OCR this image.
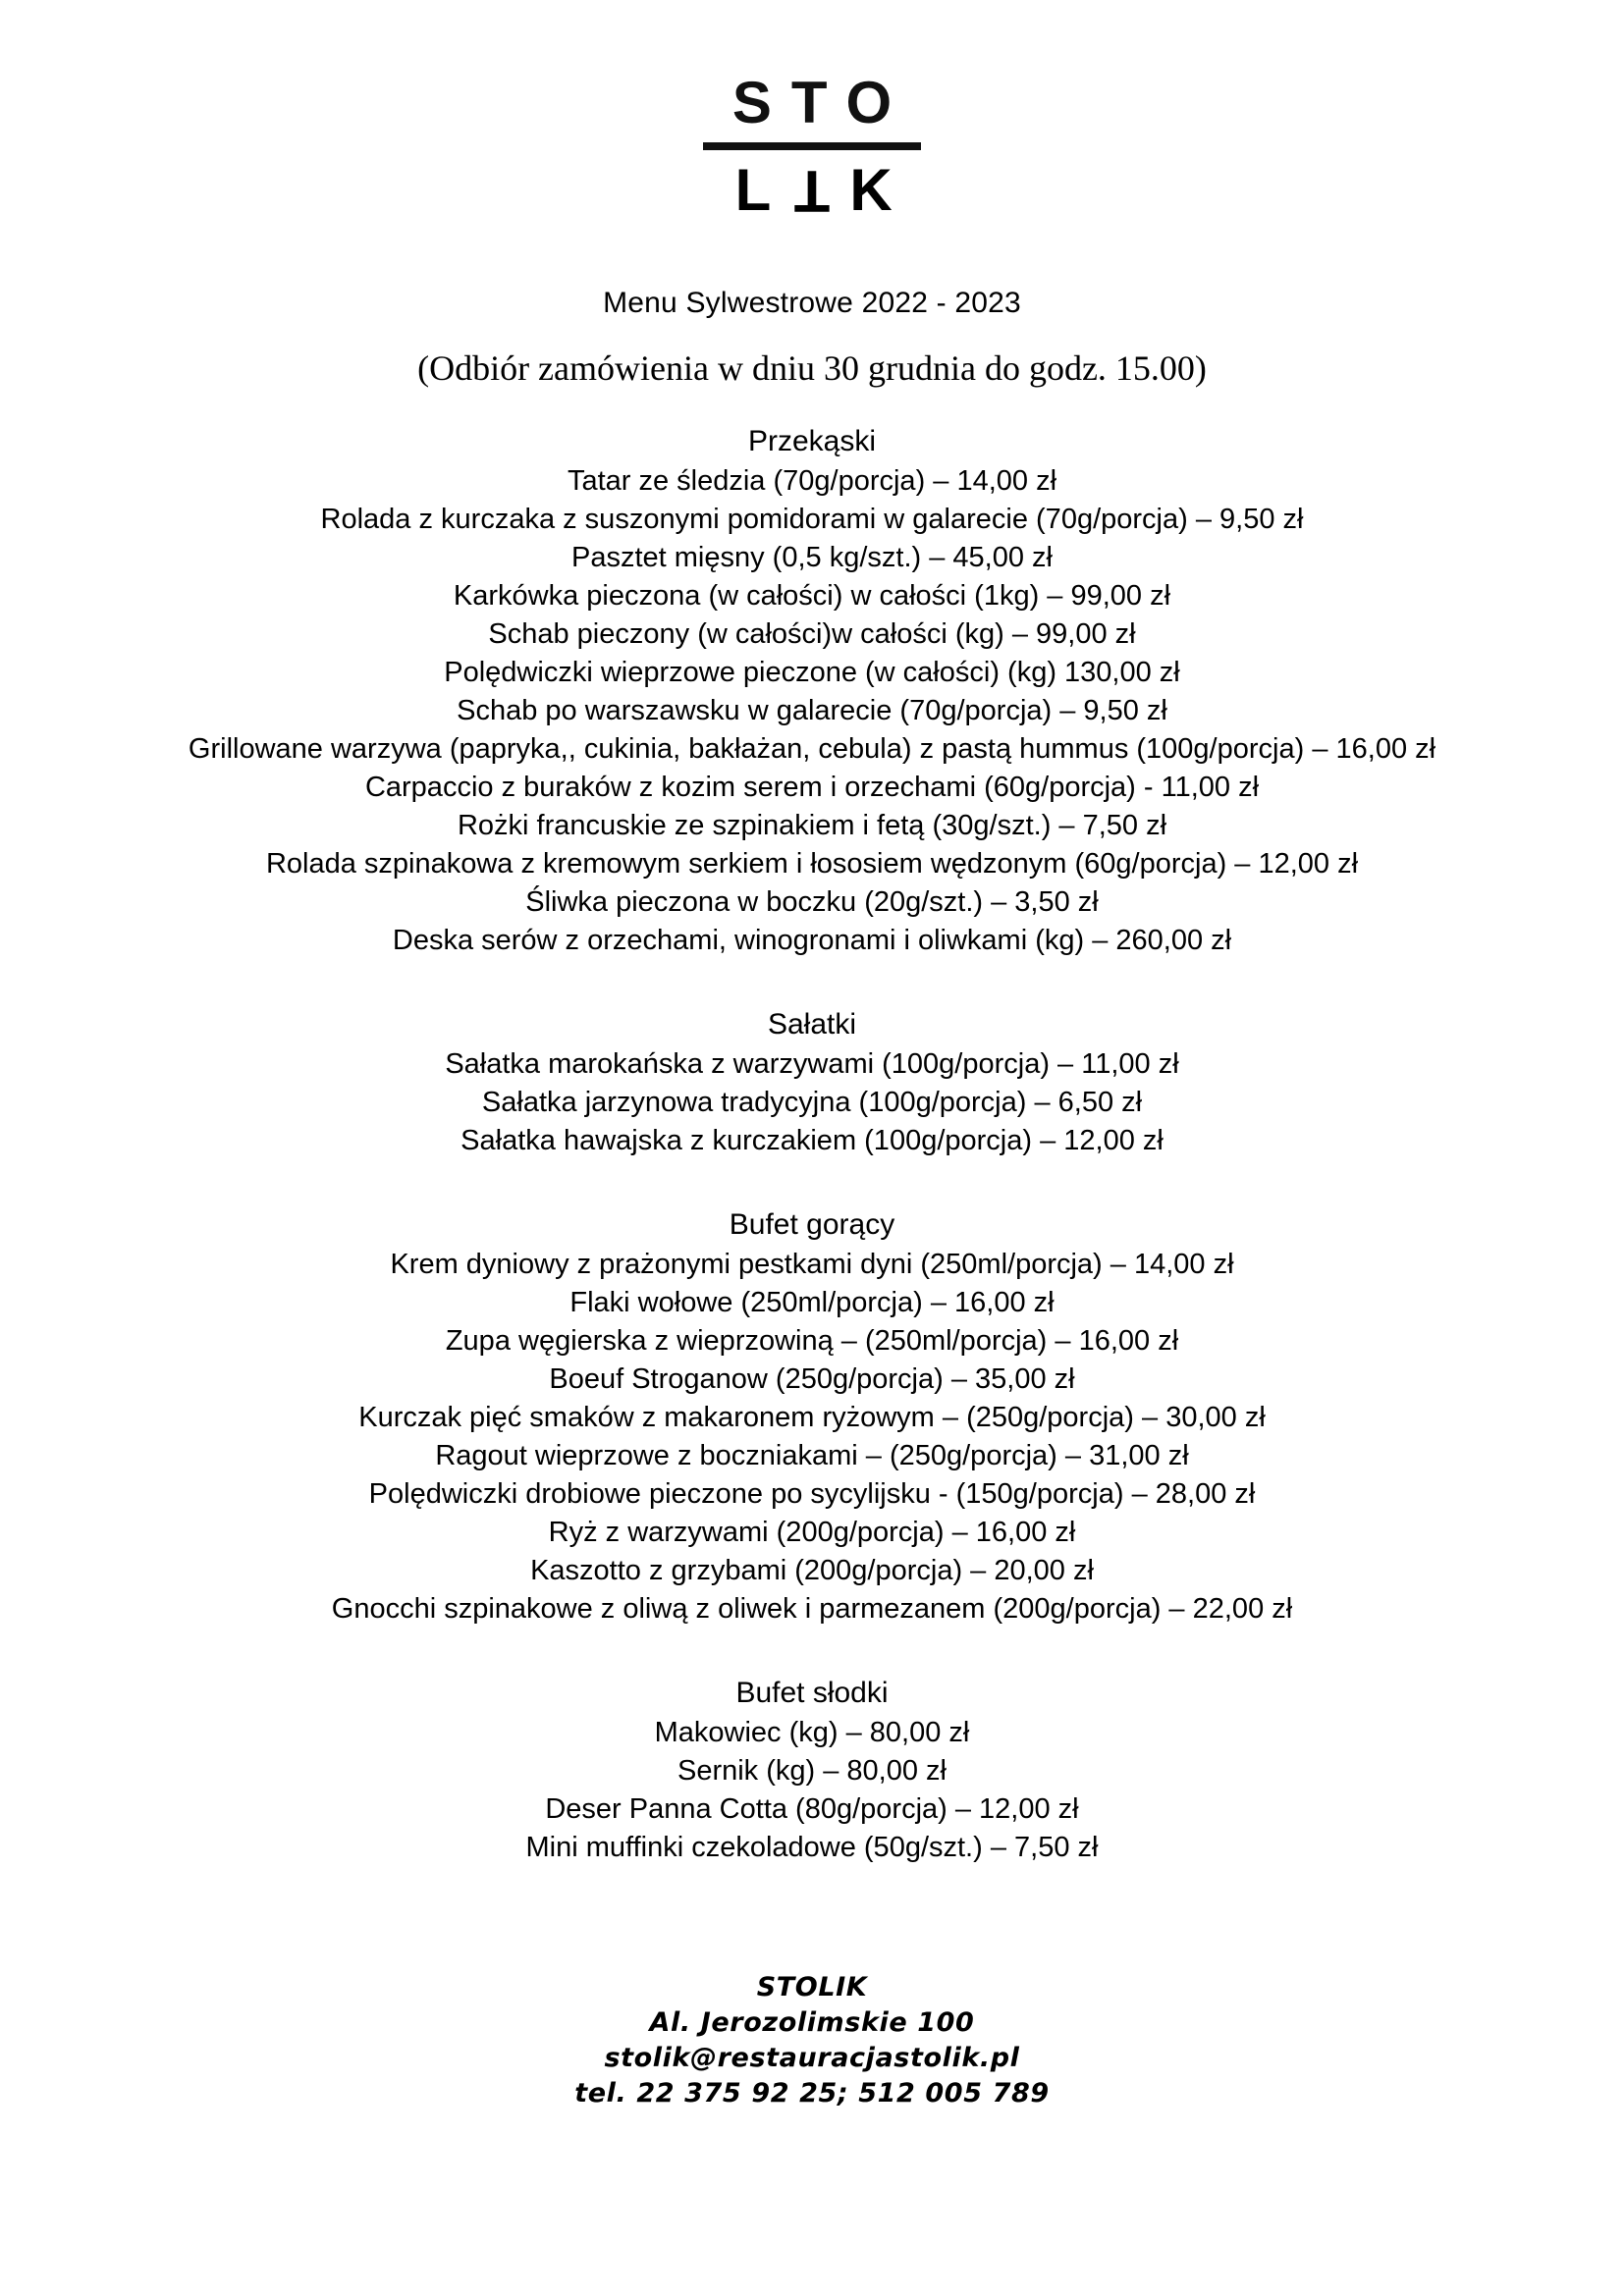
STO
L T K
Menu Sylwestrowe 2022 - 2023
(Odbiór zamówienia w dniu 30 grudnia do godz. 15.00)
Przekąski
Tatar ze śledzia (70g/porcja) – 14,00 zł
Rolada z kurczaka z suszonymi pomidorami w galarecie (70g/porcja) – 9,50 zł
Pasztet mięsny (0,5 kg/szt.) – 45,00 zł
Karkówka pieczona (w całości) w całości (1kg) – 99,00 zł
Schab pieczony (w całości)w całości (kg) – 99,00 zł
Polędwiczki wieprzowe pieczone (w całości) (kg) 130,00 zł
Schab po warszawsku w galarecie (70g/porcja) – 9,50 zł
Grillowane warzywa (papryka,, cukinia, bakłażan, cebula) z pastą hummus (100g/porcja) – 16,00 zł
Carpaccio z buraków z kozim serem i orzechami (60g/porcja) - 11,00 zł
Rożki francuskie ze szpinakiem i fetą (30g/szt.) – 7,50 zł
Rolada szpinakowa z kremowym serkiem i łososiem wędzonym (60g/porcja) – 12,00 zł
Śliwka pieczona w boczku (20g/szt.) – 3,50 zł
Deska serów z orzechami, winogronami i oliwkami (kg) – 260,00 zł
Sałatki
Sałatka marokańska z warzywami (100g/porcja) – 11,00 zł
Sałatka jarzynowa tradycyjna (100g/porcja) – 6,50 zł
Sałatka hawajska z kurczakiem (100g/porcja) – 12,00 zł
Bufet gorący
Krem dyniowy z prażonymi pestkami dyni (250ml/porcja) – 14,00 zł
Flaki wołowe (250ml/porcja) – 16,00 zł
Zupa węgierska z wieprzowiną – (250ml/porcja) – 16,00 zł
Boeuf Stroganow (250g/porcja) – 35,00 zł
Kurczak pięć smaków z makaronem ryżowym – (250g/porcja) – 30,00 zł
Ragout wieprzowe z boczniakami – (250g/porcja) – 31,00 zł
Polędwiczki drobiowe pieczone po sycylijsku - (150g/porcja) – 28,00 zł
Ryż z warzywami (200g/porcja) – 16,00 zł
Kaszotto z grzybami (200g/porcja) – 20,00 zł
Gnocchi szpinakowe z oliwą z oliwek i parmezanem (200g/porcja) – 22,00 zł
Bufet słodki
Makowiec (kg) – 80,00 zł
Sernik (kg) – 80,00 zł
Deser Panna Cotta (80g/porcja) – 12,00 zł
Mini muffinki czekoladowe (50g/szt.) – 7,50 zł
STOLIK
Al. Jerozolimskie 100
stolik@restauracjastolik.pl
tel. 22 375 92 25; 512 005 789
